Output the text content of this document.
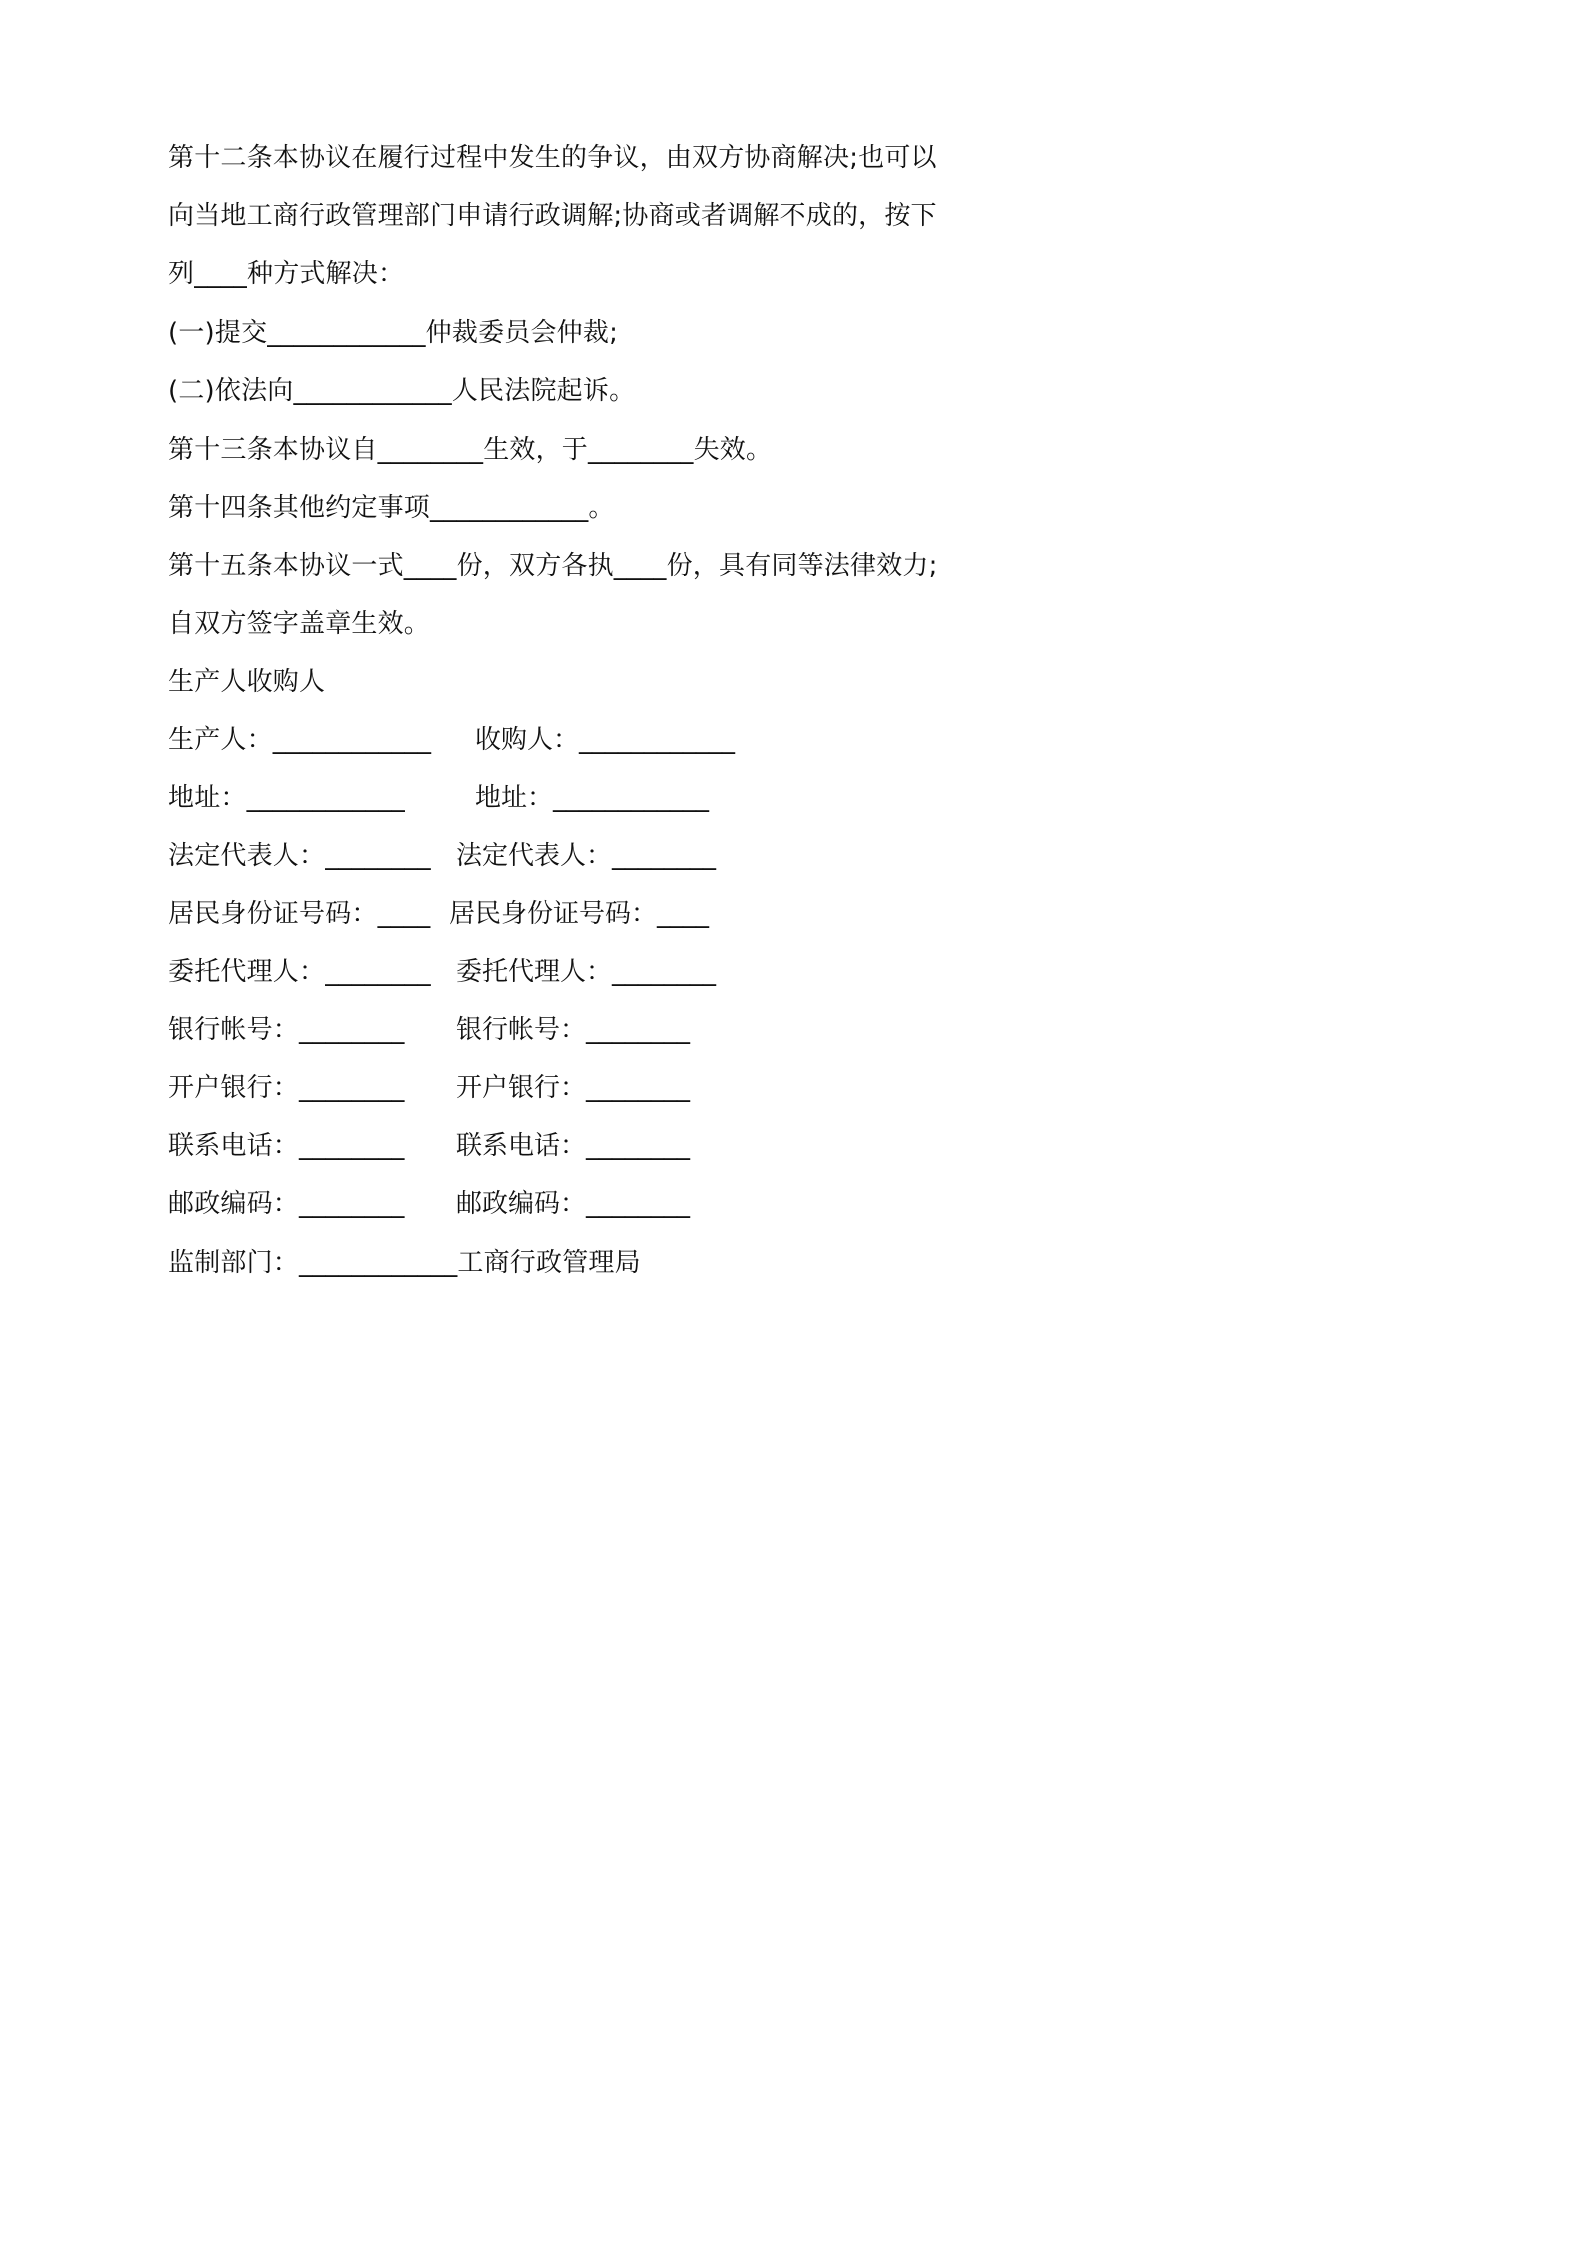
第十二条本协议在履行过程中发生的争议，由双方协商解决;也可以
向当地工商行政管理部门申请行政调解;协商或者调解不成的，按下
列____种方式解决：
(一)提交____________仲裁委员会仲裁;
(二)依法向____________人民法院起诉。
第十三条本协议自________生效，于________失效。
第十四条其他约定事项____________。
第十五条本协议一式____份，双方各执____份，具有同等法律效力;
自双方签字盖章生效。
生产人收购人
生产人：____________ 收购人：____________
地址：____________	地址：____________
法定代表人：________ 法定代表人：________
居民身份证号码：____ 居民身份证号码：____
委托代理人：________ 委托代理人：________
银行帐号：________ 银行帐号：________
开户银行：________ 开户银行：________
联系电话：________ 联系电话：________
邮政编码：________ 邮政编码：________
监制部门：____________工商行政管理局
